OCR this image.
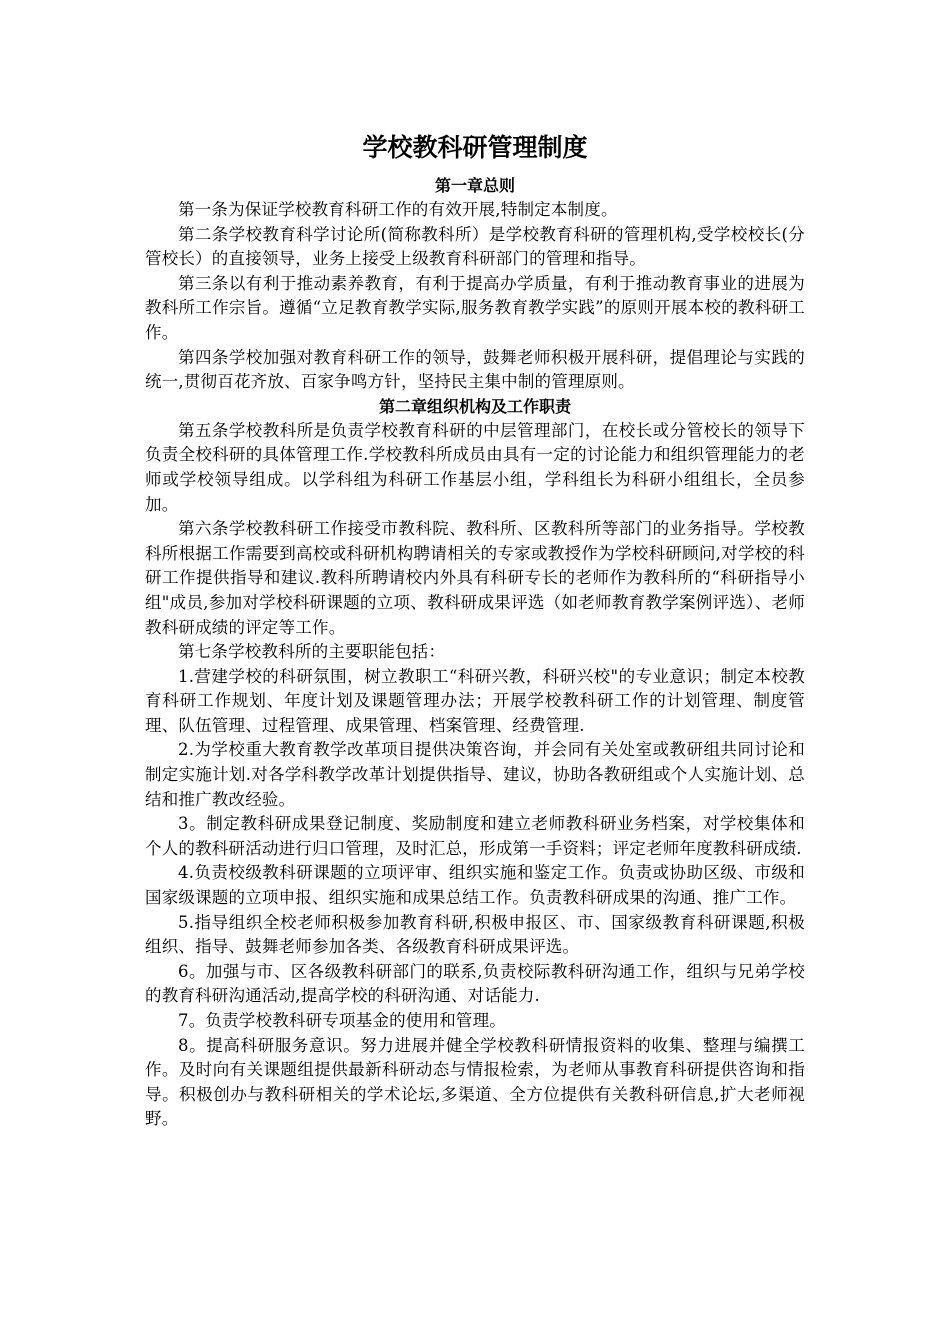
学校教科研管理制度
第一章总则

第一条为保证学校教育科研工作的有效开展,特制定本制度。

第二条学校教育科学讨论所(简称教科所）是学校教育科研的管理机构,受学校校长(分管校长）的直接领导，业务上接受上级教育科研部门的管理和指导。

第三条以有利于推动素养教育，有利于提高办学质量，有利于推动教育事业的进展为教科所工作宗旨。遵循“立足教育教学实际,服务教育教学实践”的原则开展本校的教科研工作。

第四条学校加强对教育科研工作的领导，鼓舞老师积极开展科研，提倡理论与实践的统一,贯彻百花齐放、百家争鸣方针，坚持民主集中制的管理原则。

第二章组织机构及工作职责

第五条学校教科所是负责学校教育科研的中层管理部门，在校长或分管校长的领导下负责全校科研的具体管理工作.学校教科所成员由具有一定的讨论能力和组织管理能力的老师或学校领导组成。以学科组为科研工作基层小组，学科组长为科研小组组长，全员参加。

第六条学校教科研工作接受市教科院、教科所、区教科所等部门的业务指导。学校教科所根据工作需要到高校或科研机构聘请相关的专家或教授作为学校科研顾问,对学校的科研工作提供指导和建议.教科所聘请校内外具有科研专长的老师作为教科所的“科研指导小组"成员,参加对学校科研课题的立项、教科研成果评选（如老师教育教学案例评选）、老师教科研成绩的评定等工作。

第七条学校教科所的主要职能包括：

1.营建学校的科研氛围，树立教职工“科研兴教，科研兴校"的专业意识；制定本校教育科研工作规划、年度计划及课题管理办法；开展学校教科研工作的计划管理、制度管理、队伍管理、过程管理、成果管理、档案管理、经费管理.

2.为学校重大教育教学改革项目提供决策咨询，并会同有关处室或教研组共同讨论和制定实施计划.对各学科教学改革计划提供指导、建议，协助各教研组或个人实施计划、总结和推广教改经验。

3。制定教科研成果登记制度、奖励制度和建立老师教科研业务档案，对学校集体和个人的教科研活动进行归口管理，及时汇总，形成第一手资料；评定老师年度教科研成绩.

4.负责校级教科研课题的立项评审、组织实施和鉴定工作。负责或协助区级、市级和国家级课题的立项申报、组织实施和成果总结工作。负责教科研成果的沟通、推广工作。

5.指导组织全校老师积极参加教育科研,积极申报区、市、国家级教育科研课题,积极组织、指导、鼓舞老师参加各类、各级教育科研成果评选。

6。加强与市、区各级教科研部门的联系,负责校际教科研沟通工作，组织与兄弟学校的教育科研沟通活动,提高学校的科研沟通、对话能力.

7。负责学校教科研专项基金的使用和管理。

8。提高科研服务意识。努力进展并健全学校教科研情报资料的收集、整理与编撰工作。及时向有关课题组提供最新科研动态与情报检索，为老师从事教育科研提供咨询和指导。积极创办与教科研相关的学术论坛,多渠道、全方位提供有关教科研信息,扩大老师视野。
